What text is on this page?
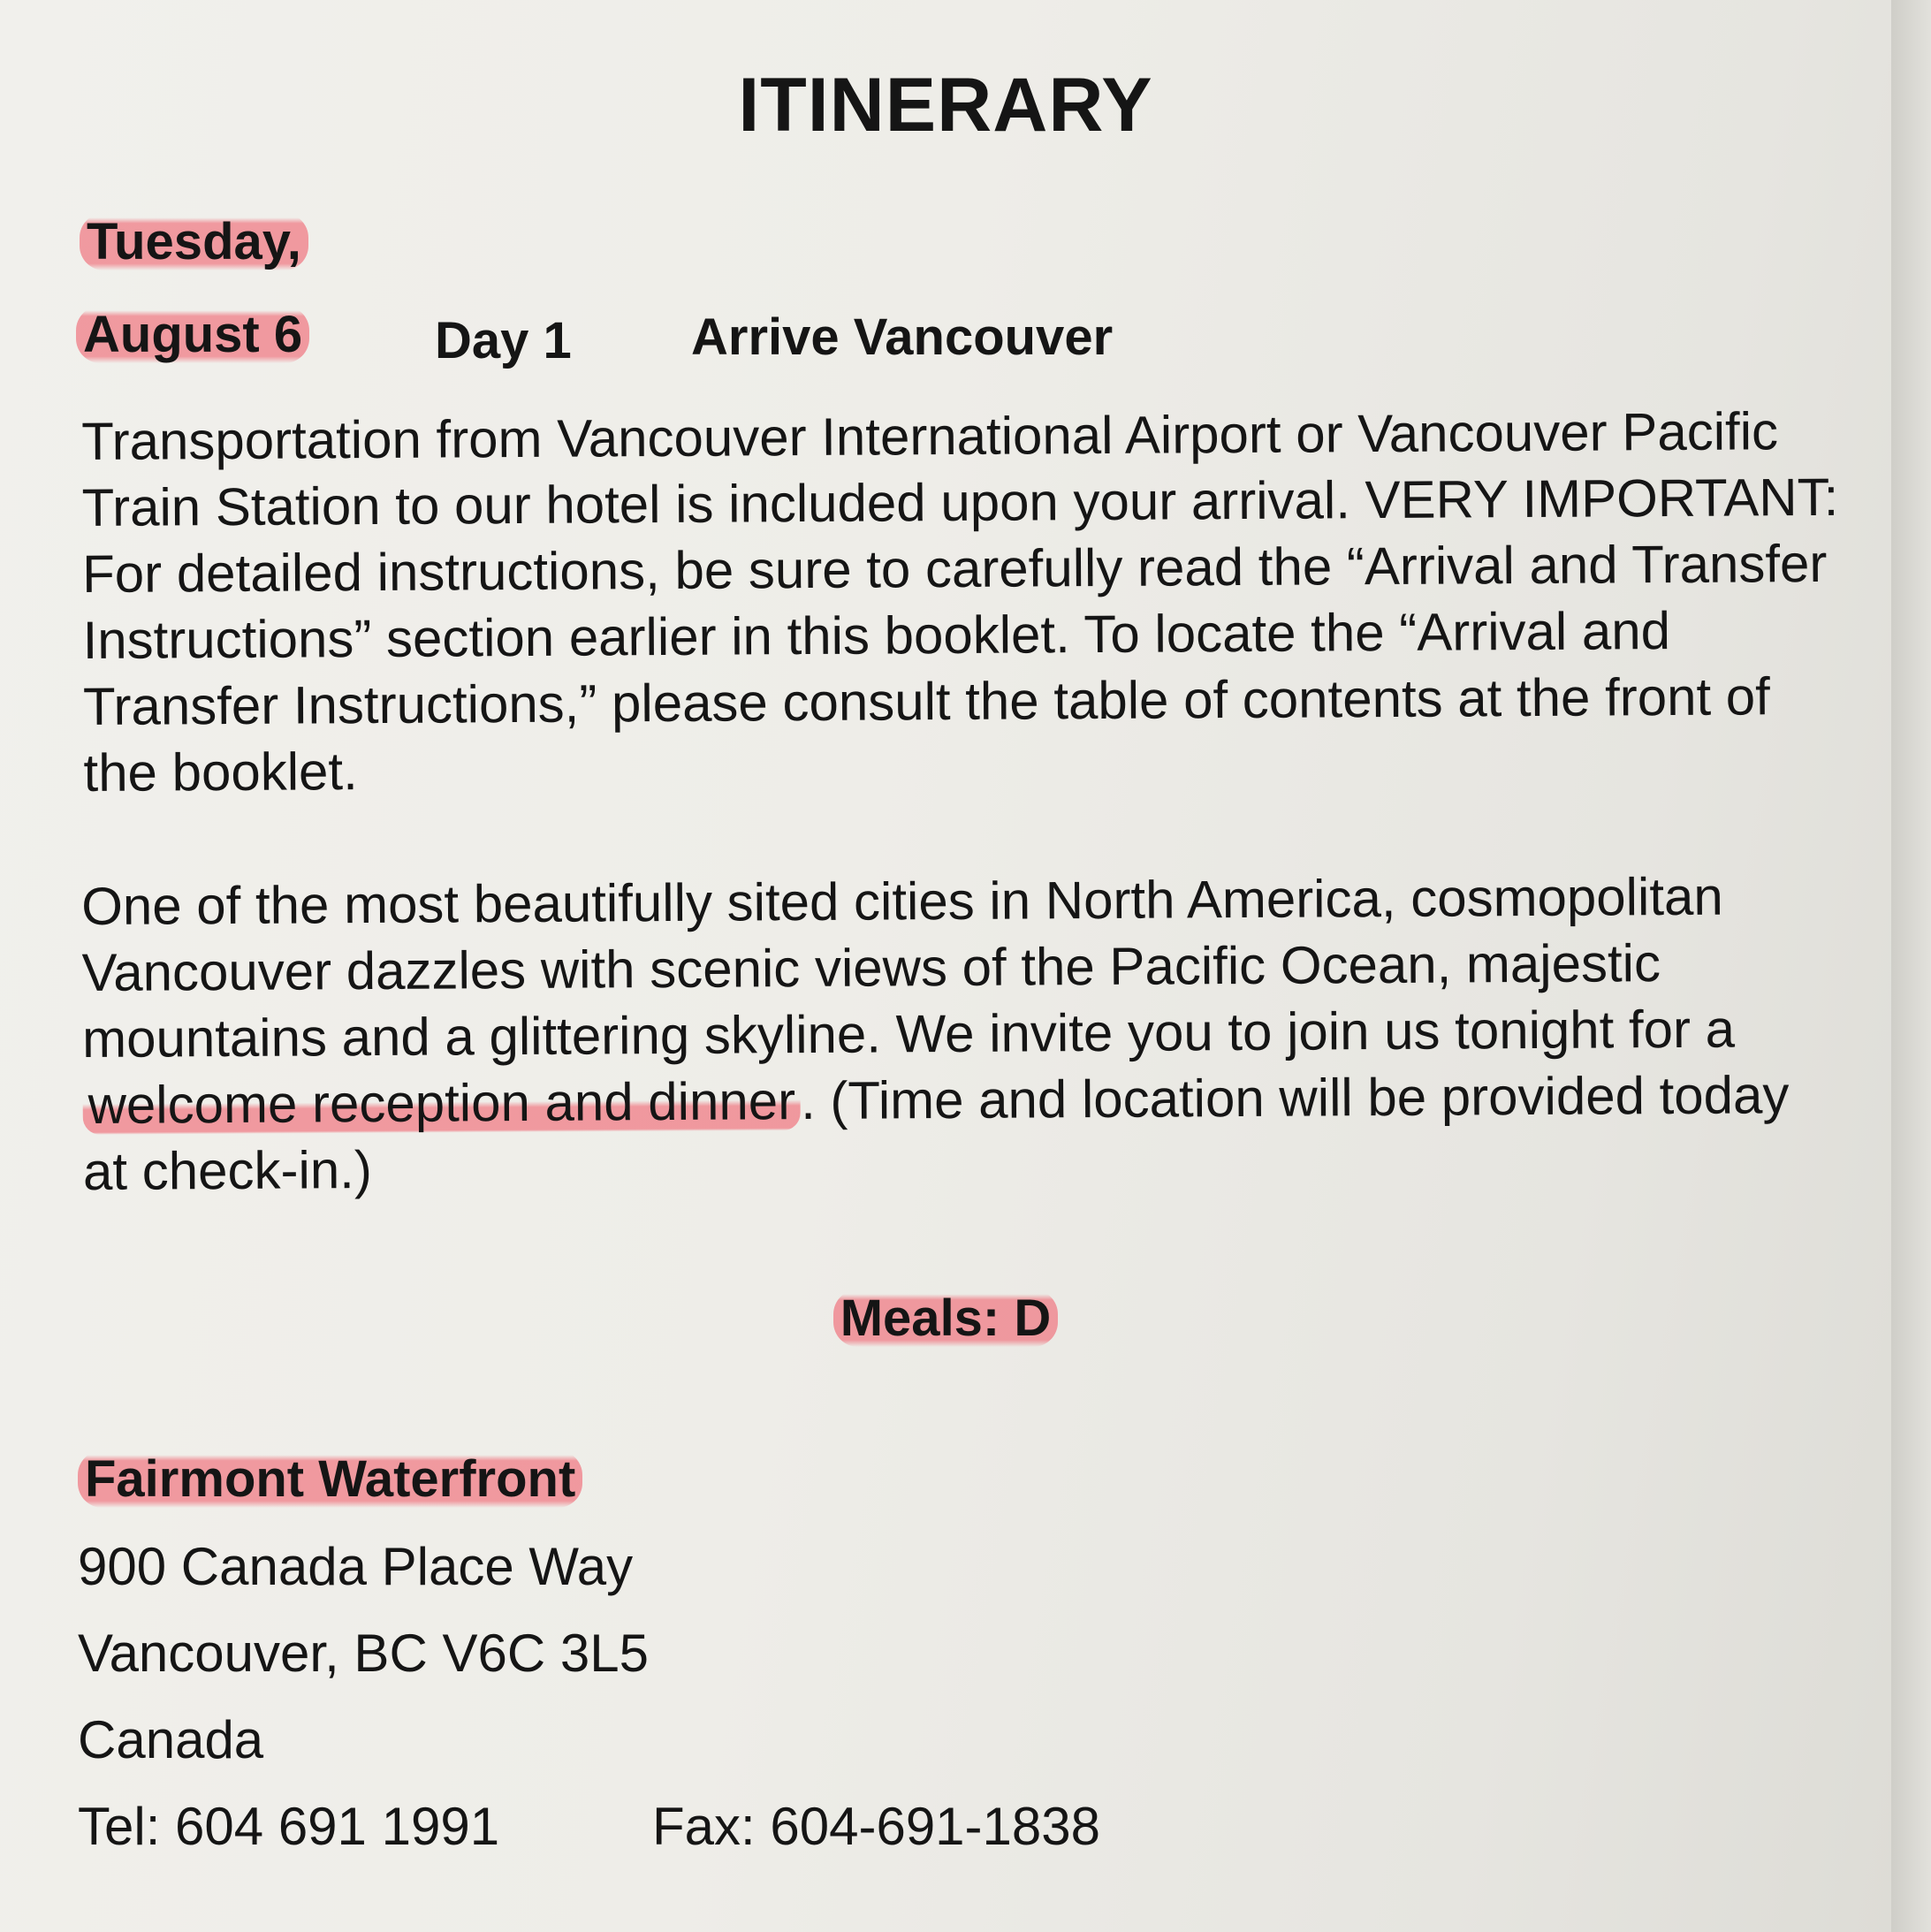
ITINERARY
Tuesday,
August 6	Day 1 Arrive Vancouver
Transportation from Vancouver International Airport or Vancouver Pacific
Train Station to our hotel is included upon your arrival. VERY IMPORTANT:
For detailed instructions, be sure to carefully read the “Arrival and Transfer
Instructions” section earlier in this booklet. To locate the “Arrival and
Transfer Instructions,” please consult the table of contents at the front of
the booklet.
One of the most beautifully sited cities in North America, cosmopolitan
Vancouver dazzles with scenic views of the Pacific Ocean, majestic
mountains and a glittering skyline. We invite you to join us tonight for a
welcome reception and dinner. (Time and location will be provided today
at check-in.)
Meals: D
Fairmont Waterfront
900 Canada Place Way
Vancouver, BC V6C 3L5
Canada
Tel: 604 691 1991	Fax: 604-691-1838
